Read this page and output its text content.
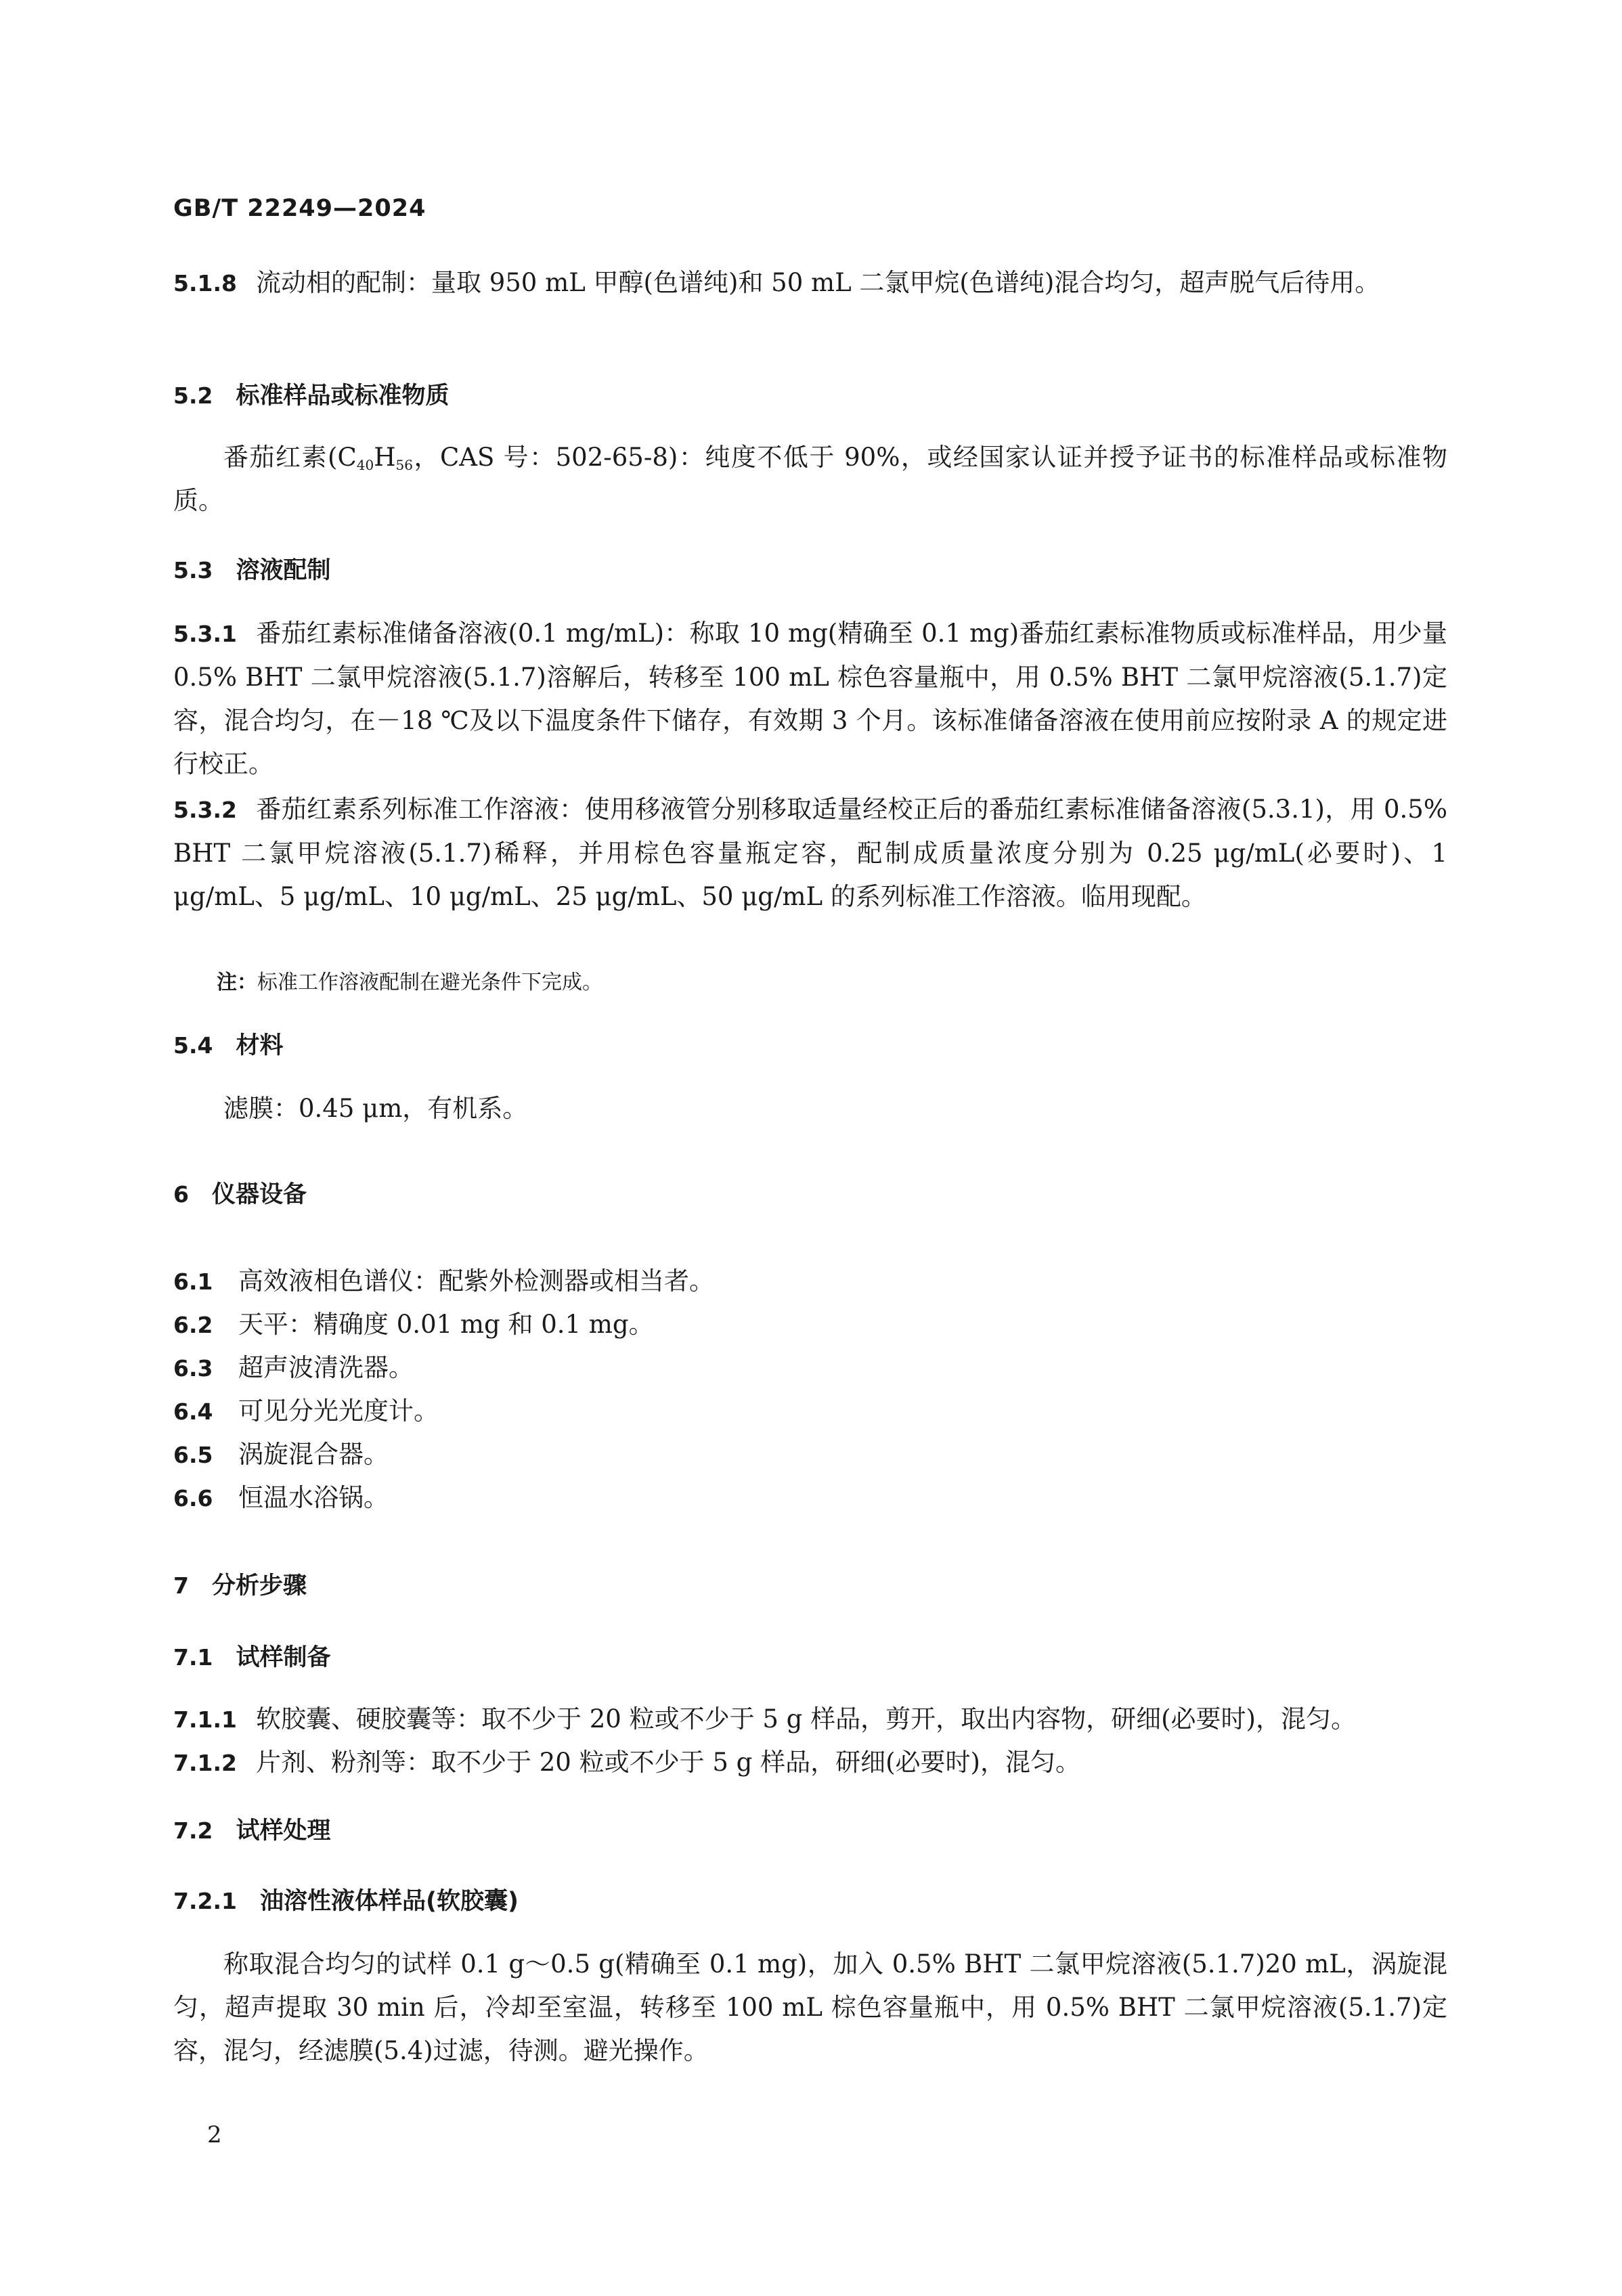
GB/T 22249—2024
5.1.8 流动相的配制：量取 950 mL 甲醇(色谱纯)和 50 mL 二氯甲烷(色谱纯)混合均匀，超声脱气后待用。
5.2 标准样品或标准物质
番茄红素($C_{40}H_{56}$，CAS 号：502-65-8)：纯度不低于 90%，或经国家认证并授予证书的标准样品或标准物质。
5.3 溶液配制
5.3.1 番茄红素标准储备溶液(0.1 mg/mL)：称取 10 mg(精确至 0.1 mg)番茄红素标准物质或标准样品，用少量 0.5% BHT 二氯甲烷溶液(5.1.7)溶解后，转移至 100 mL 棕色容量瓶中，用 0.5% BHT 二氯甲烷溶液(5.1.7)定容，混合均匀，在－18 ℃及以下温度条件下储存，有效期 3 个月。该标准储备溶液在使用前应按附录 A 的规定进行校正。
5.3.2 番茄红素系列标准工作溶液：使用移液管分别移取适量经校正后的番茄红素标准储备溶液(5.3.1)，用 0.5% BHT 二氯甲烷溶液(5.1.7)稀释，并用棕色容量瓶定容，配制成质量浓度分别为 0.25 μg/mL(必要时)、1 μg/mL、5 μg/mL、10 μg/mL、25 μg/mL、50 μg/mL 的系列标准工作溶液。临用现配。
注：标准工作溶液配制在避光条件下完成。
5.4 材料
滤膜：0.45 μm，有机系。
6 仪器设备
6.1 高效液相色谱仪：配紫外检测器或相当者。
6.2 天平：精确度 0.01 mg 和 0.1 mg。
6.3 超声波清洗器。
6.4 可见分光光度计。
6.5 涡旋混合器。
6.6 恒温水浴锅。
7 分析步骤
7.1 试样制备
7.1.1 软胶囊、硬胶囊等：取不少于 20 粒或不少于 5 g 样品，剪开，取出内容物，研细(必要时)，混匀。
7.1.2 片剂、粉剂等：取不少于 20 粒或不少于 5 g 样品，研细(必要时)，混匀。
7.2 试样处理
7.2.1 油溶性液体样品(软胶囊)
称取混合均匀的试样 0.1 g～0.5 g(精确至 0.1 mg)，加入 0.5% BHT 二氯甲烷溶液(5.1.7)20 mL，涡旋混匀，超声提取 30 min 后，冷却至室温，转移至 100 mL 棕色容量瓶中，用 0.5% BHT 二氯甲烷溶液(5.1.7)定容，混匀，经滤膜(5.4)过滤，待测。避光操作。
2
